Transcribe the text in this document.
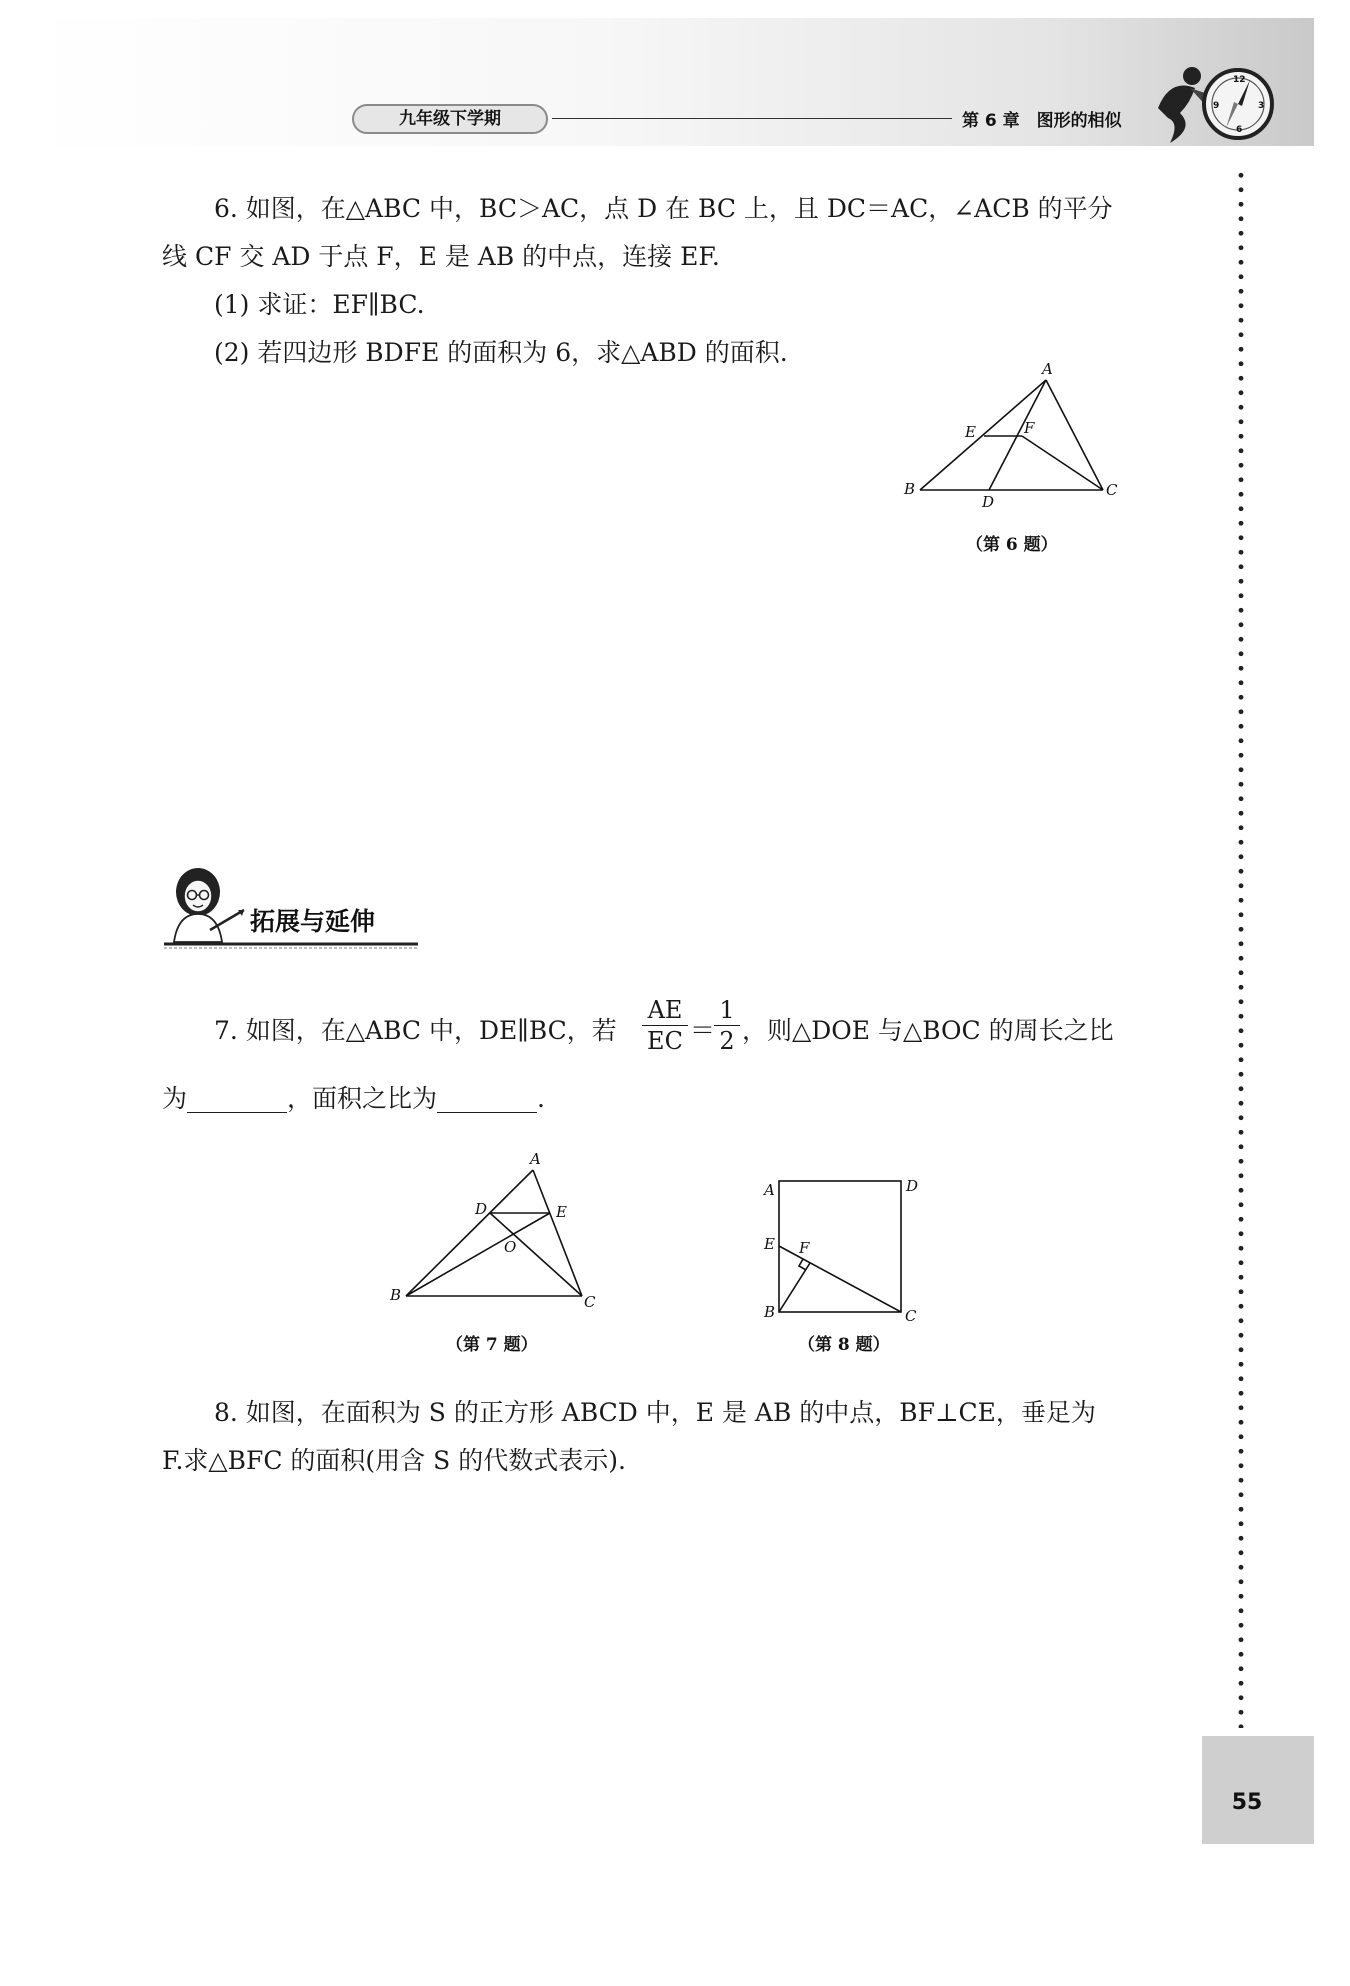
九年级下学期	第 6 章　图形的相似
12
3
6
9
55
6. 如图，在△ABC 中，BC＞AC，点 D 在 BC 上，且 DC＝AC，∠ACB 的平分
线 CF 交 AD 于点 F，E 是 AB 的中点，连接 EF.
(1) 求证：EF∥BC.
(2) 若四边形 BDFE 的面积为 6，求△ABD 的面积.
A
B	C
D
E	F
（第 6 题）
拓展与延伸
7. 如图，在△ABC 中，DE∥BC，若
AE
EC ＝
1
2 ，则△DOE 与△BOC 的周长之比
为________，面积之比为________.
A
B	C
D	E
O
（第 7 题）
A	D
B	C
E F
（第 8 题）
8. 如图，在面积为 S 的正方形 ABCD 中，E 是 AB 的中点，BF⊥CE，垂足为
F.求△BFC 的面积(用含 S 的代数式表示).
